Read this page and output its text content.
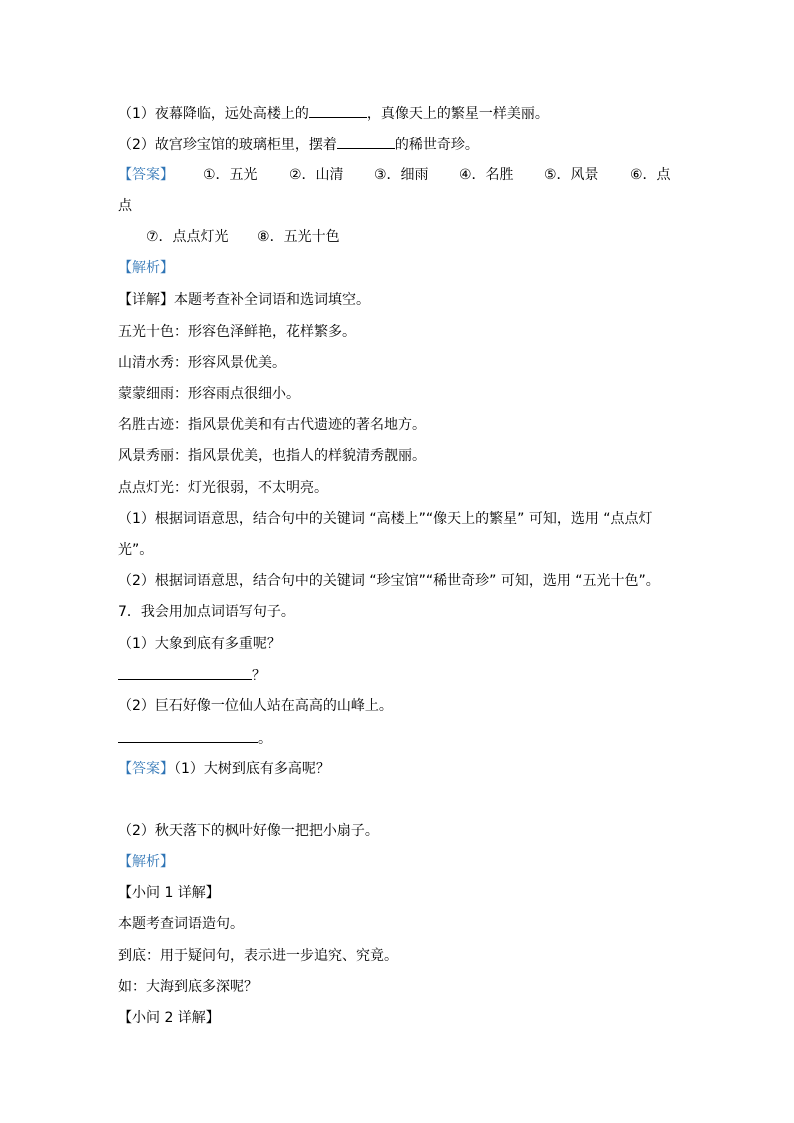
（1）夜幕降临，远处高楼上的	，真像天上的繁星一样美丽。
（2）故宫珍宝馆的玻璃柜里，摆着	的稀世奇珍。
【答案】 ①．五光 ②．山清 ③．细雨 ④．名胜 ⑤．风景 ⑥．点
点
⑦．点点灯光 ⑧．五光十色
【解析】
【详解】本题考查补全词语和选词填空。
五光十色：形容色泽鲜艳，花样繁多。
山清水秀：形容风景优美。
蒙蒙细雨：形容雨点很细小。
名胜古迹：指风景优美和有古代遗迹的著名地方。
风景秀丽：指风景优美，也指人的样貌清秀靓丽。
点点灯光：灯光很弱，不太明亮。
（1）根据词语意思，结合句中的关键词 “高楼上”“像天上的繁星” 可知，选用 “点点灯
光”。
（2）根据词语意思，结合句中的关键词 “珍宝馆”“稀世奇珍” 可知，选用 “五光十色”。
7．我会用加点词语写句子。
（1）大象到底有多重呢？
？
（2）巨石好像一位仙人站在高高的山峰上。
。
【答案】（1）大树到底有多高呢？
（2）秋天落下的枫叶好像一把把小扇子。
【解析】
【小问 1 详解】
本题考查词语造句。
到底：用于疑问句，表示进一步追究、究竟。
如：大海到底多深呢？
【小问 2 详解】
